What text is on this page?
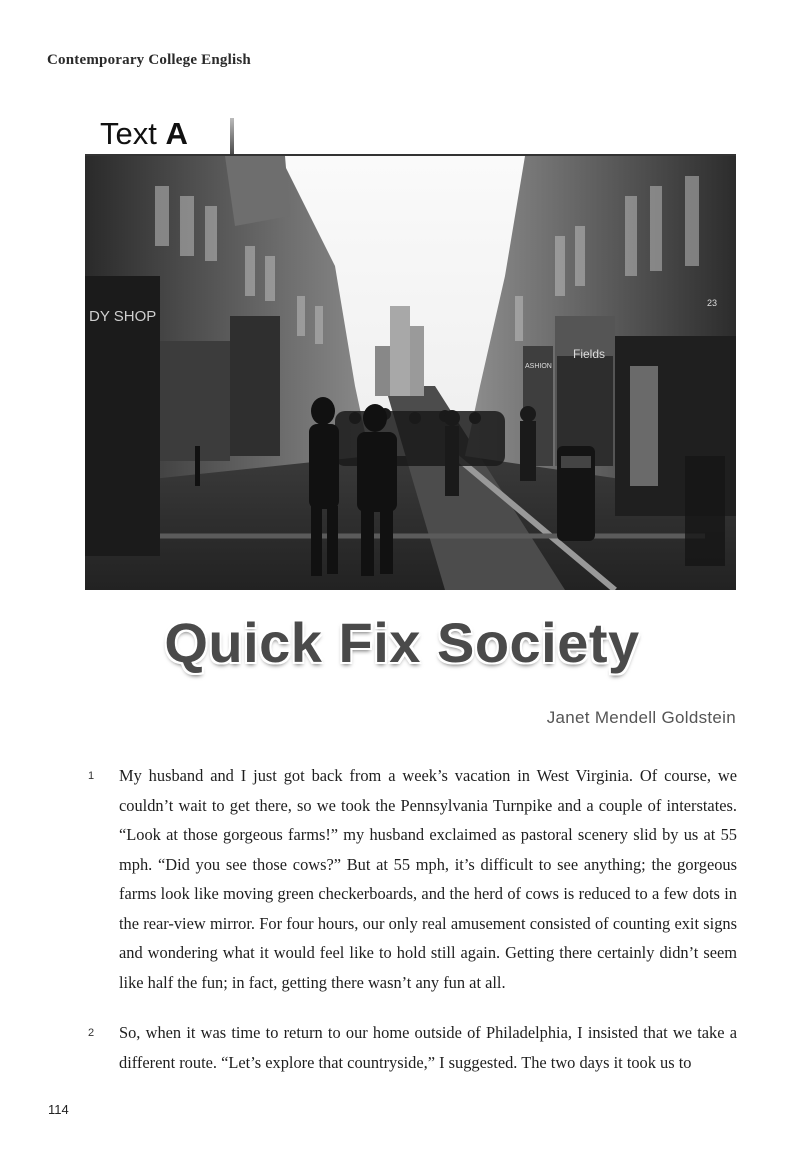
Contemporary College English
Text A
DY SHOP
Fields
ASHION
23
Quick Fix Society
Janet Mendell Goldstein
1 My husband and I just got back from a week’s vacation in West Virginia. Of course, we couldn’t wait to get there, so we took the Pennsylvania Turnpike and a couple of interstates. “Look at those gorgeous farms!” my husband exclaimed as pastoral scenery slid by us at 55 mph. “Did you see those cows?” But at 55 mph, it’s difficult to see anything; the gorgeous farms look like moving green checkerboards, and the herd of cows is reduced to a few dots in the rear-view mirror. For four hours, our only real amusement consisted of counting exit signs and wondering what it would feel like to hold still again. Getting there certainly didn’t seem like half the fun; in fact, getting there wasn’t any fun at all.

2 So, when it was time to return to our home outside of Philadelphia, I insisted that we take a different route. “Let’s explore that countryside,” I suggested. The two days it took us to

114
